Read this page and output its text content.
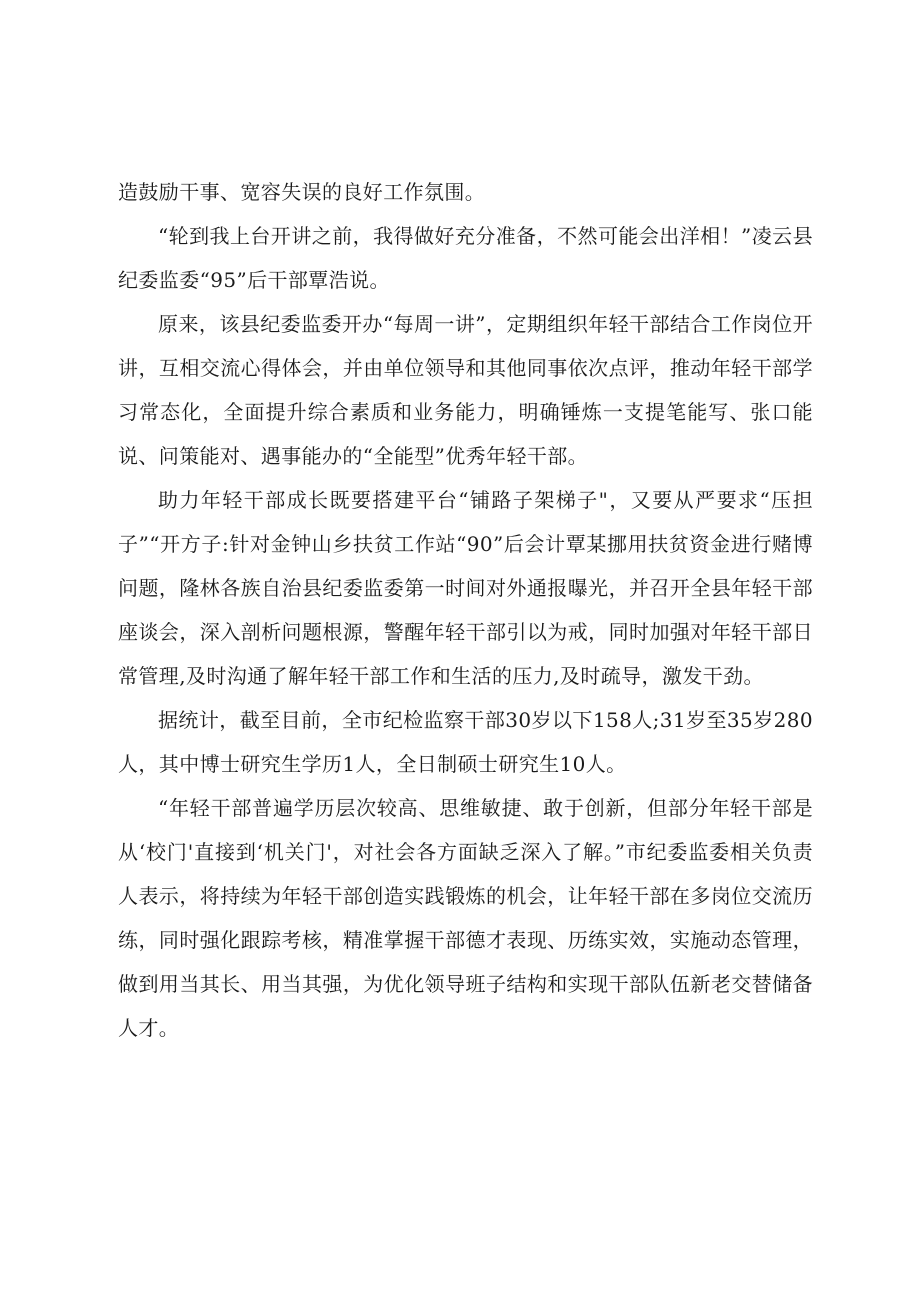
造鼓励干事、宽容失误的良好工作氛围。

“轮到我上台开讲之前，我得做好充分准备，不然可能会出洋相！”凌云县纪委监委“95”后干部覃浩说。

原来，该县纪委监委开办“每周一讲”，定期组织年轻干部结合工作岗位开讲，互相交流心得体会，并由单位领导和其他同事依次点评，推动年轻干部学习常态化，全面提升综合素质和业务能力，明确锤炼一支提笔能写、张口能说、问策能对、遇事能办的“全能型”优秀年轻干部。

助力年轻干部成长既要搭建平台“铺路子架梯子"，又要从严要求“压担子”“开方子:针对金钟山乡扶贫工作站“90”后会计覃某挪用扶贫资金进行赌博问题，隆林各族自治县纪委监委第一时间对外通报曝光，并召开全县年轻干部座谈会，深入剖析问题根源，警醒年轻干部引以为戒，同时加强对年轻干部日常管理,及时沟通了解年轻干部工作和生活的压力,及时疏导，激发干劲。

据统计，截至目前，全市纪检监察干部30岁以下158人;31岁至35岁280人，其中博士研究生学历1人，全日制硕士研究生10人。

“年轻干部普遍学历层次较高、思维敏捷、敢于创新，但部分年轻干部是从‘校门'直接到‘机关门'，对社会各方面缺乏深入了解。”市纪委监委相关负责人表示，将持续为年轻干部创造实践锻炼的机会，让年轻干部在多岗位交流历练，同时强化跟踪考核，精准掌握干部德才表现、历练实效，实施动态管理，做到用当其长、用当其强，为优化领导班子结构和实现干部队伍新老交替储备人才。
